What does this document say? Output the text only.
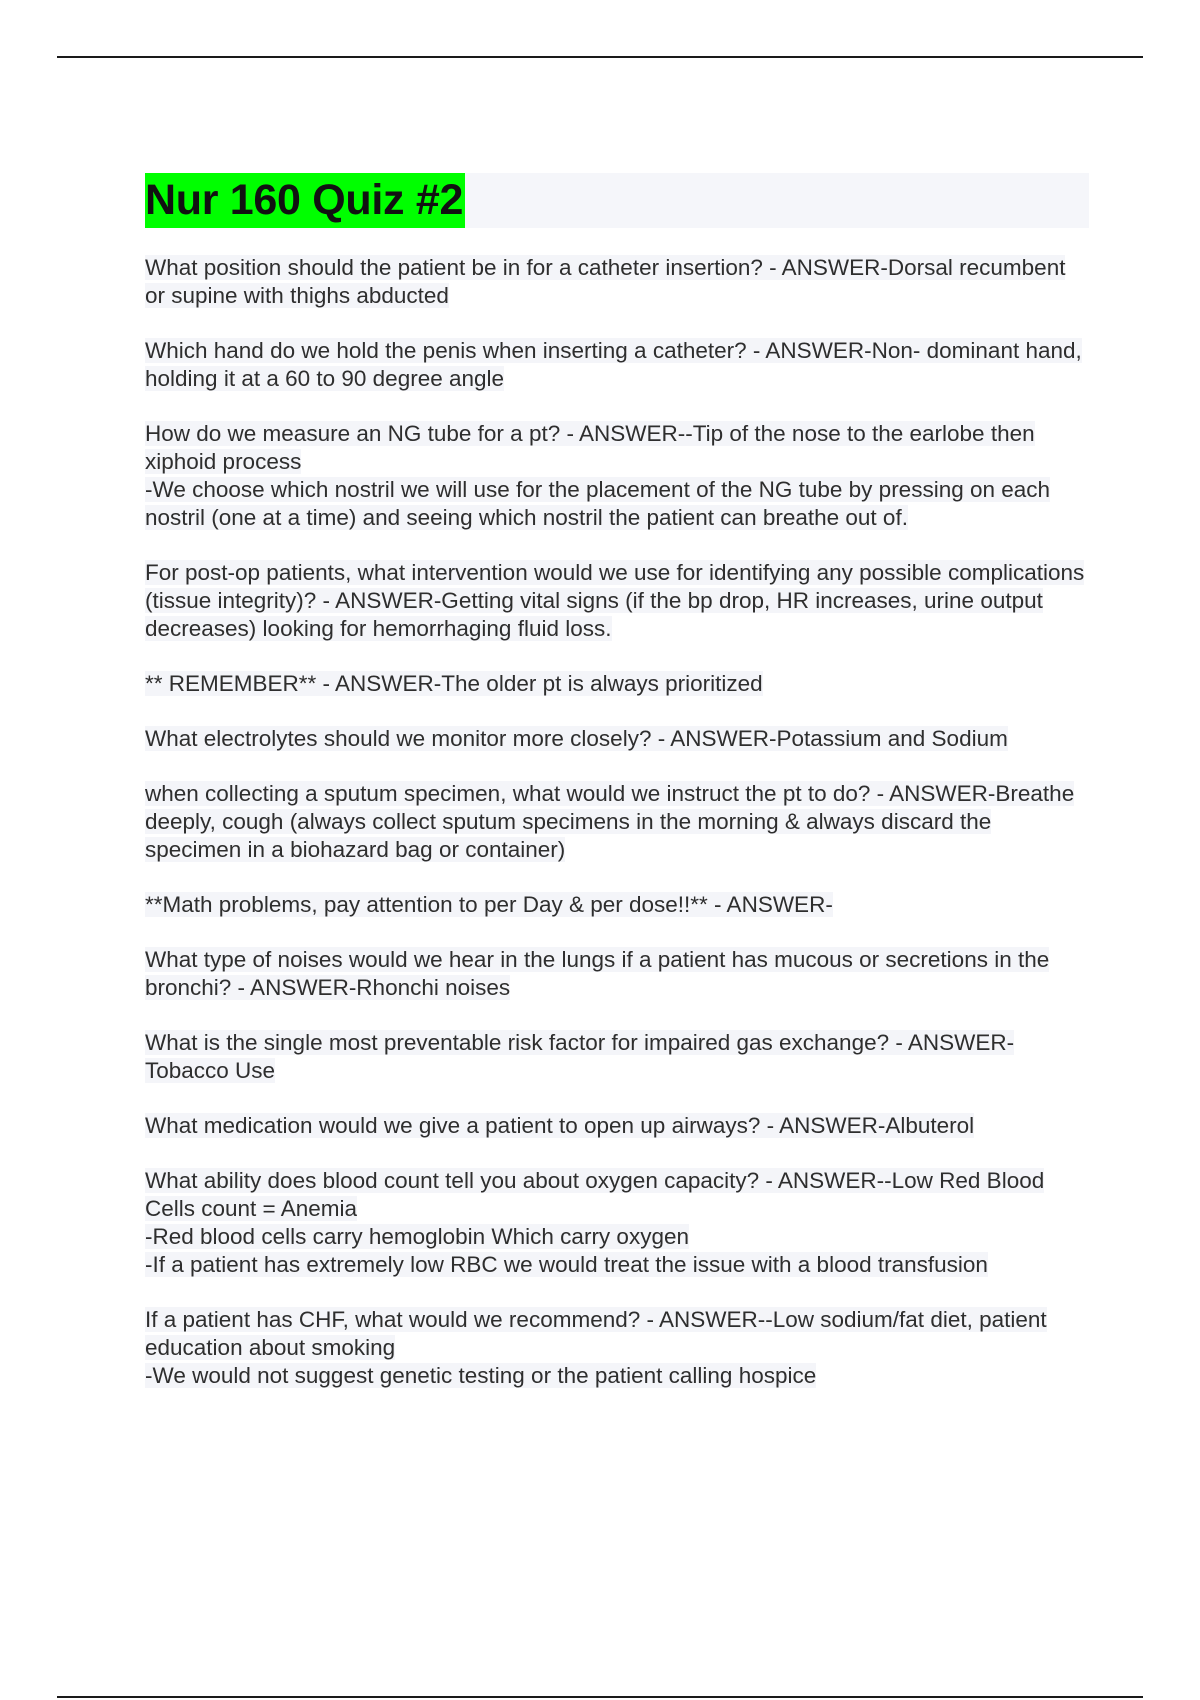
Nur 160 Quiz #2
What position should the patient be in for a catheter insertion? - ANSWER-Dorsal recumbent or supine with thighs abducted
Which hand do we hold the penis when inserting a catheter? - ANSWER-Non- dominant hand, holding it at a 60 to 90 degree angle
How do we measure an NG tube for a pt? - ANSWER--Tip of the nose to the earlobe then xiphoid process
-We choose which nostril we will use for the placement of the NG tube by pressing on each nostril (one at a time) and seeing which nostril the patient can breathe out of.
For post-op patients, what intervention would we use for identifying any possible complications (tissue integrity)? - ANSWER-Getting vital signs (if the bp drop, HR increases, urine output decreases) looking for hemorrhaging fluid loss.
** REMEMBER** - ANSWER-The older pt is always prioritized
What electrolytes should we monitor more closely? - ANSWER-Potassium and Sodium
when collecting a sputum specimen, what would we instruct the pt to do? - ANSWER-Breathe deeply, cough (always collect sputum specimens in the morning & always discard the specimen in a biohazard bag or container)
**Math problems, pay attention to per Day & per dose!!** - ANSWER-
What type of noises would we hear in the lungs if a patient has mucous or secretions in the bronchi? - ANSWER-Rhonchi noises
What is the single most preventable risk factor for impaired gas exchange? - ANSWER-Tobacco Use
What medication would we give a patient to open up airways? - ANSWER-Albuterol
What ability does blood count tell you about oxygen capacity? - ANSWER--Low Red Blood Cells count = Anemia
-Red blood cells carry hemoglobin Which carry oxygen
-If a patient has extremely low RBC we would treat the issue with a blood transfusion
If a patient has CHF, what would we recommend? - ANSWER--Low sodium/fat diet, patient education about smoking
-We would not suggest genetic testing or the patient calling hospice
